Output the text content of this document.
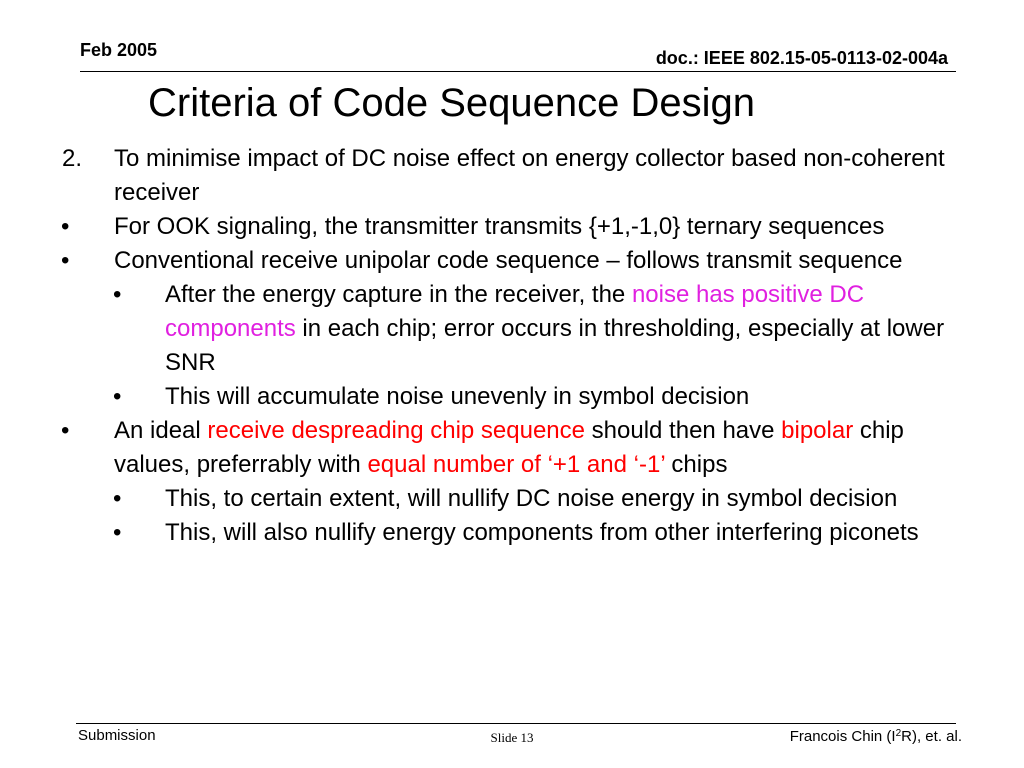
Feb 2005	doc.: IEEE 802.15-05-0113-02-004a
Criteria of Code Sequence Design
2. To minimise impact of DC noise effect on energy collector based non-coherent receiver
• For OOK signaling, the transmitter transmits {+1,-1,0} ternary sequences
• Conventional receive unipolar code sequence – follows transmit sequence
• After the energy capture in the receiver, the noise has positive DC components in each chip; error occurs in thresholding, especially at lower SNR
• This will accumulate noise unevenly in symbol decision
• An ideal receive despreading chip sequence should then have bipolar chip values, preferrably with equal number of ‘+1 and ‘-1’ chips
• This, to certain extent, will nullify DC noise energy in symbol decision
• This, will also nullify energy components from other interfering piconets
Submission	Slide 13	Francois Chin $(I^2R)$, et. al.
